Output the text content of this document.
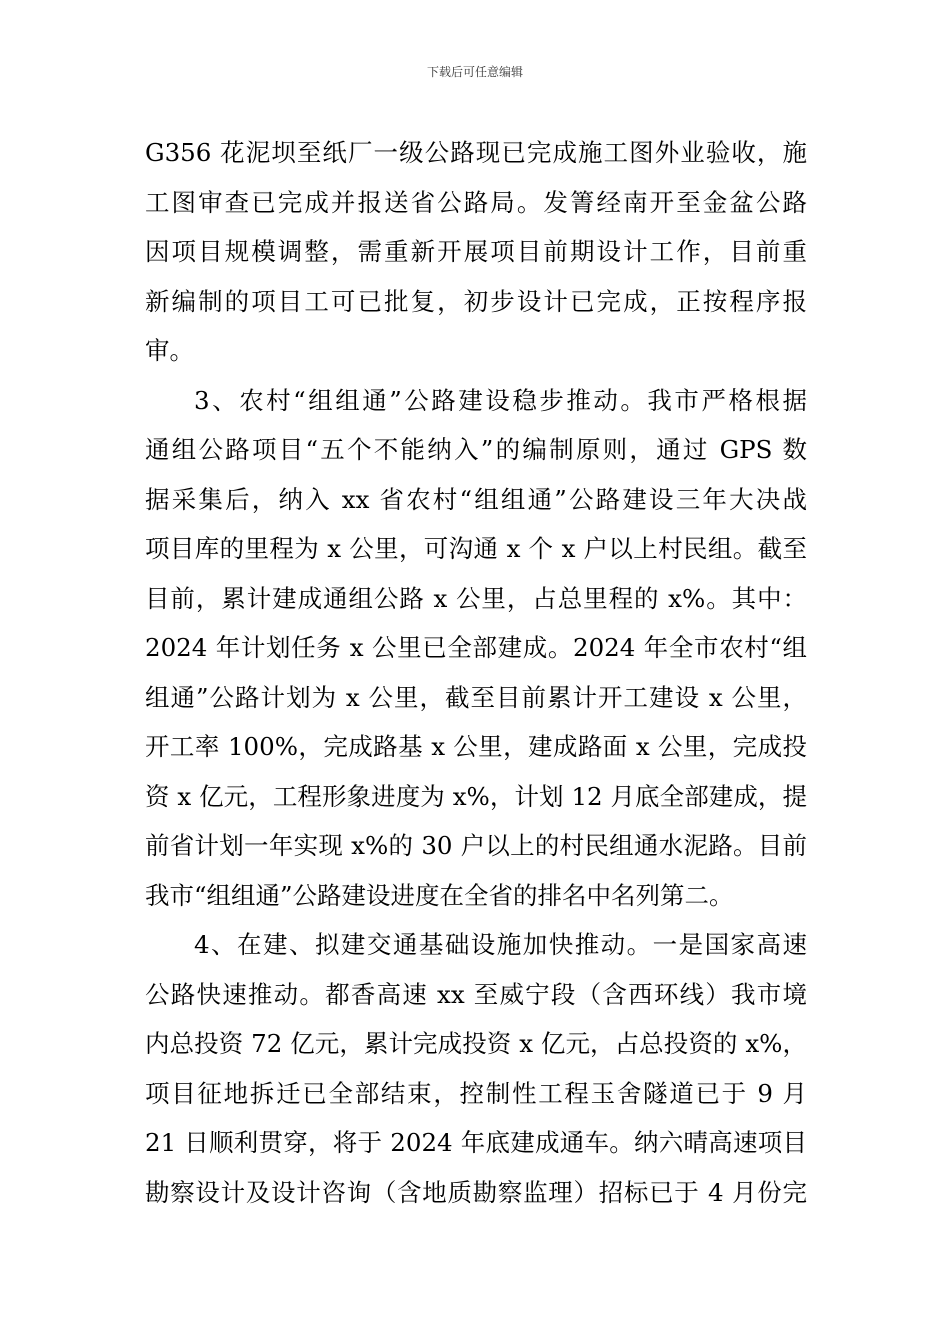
下载后可任意编辑
G356 花泥坝至纸厂一级公路现已完成施工图外业验收，施
工图审查已完成并报送省公路局。发箐经南开至金盆公路
因项目规模调整，需重新开展项目前期设计工作，目前重
新编制的项目工可已批复，初步设计已完成，正按程序报
审。
3、农村“组组通”公路建设稳步推动。我市严格根据
通组公路项目“五个不能纳入”的编制原则，通过 GPS 数
据采集后，纳入 xx 省农村“组组通”公路建设三年大决战
项目库的里程为 x 公里，可沟通 x 个 x 户以上村民组。截至
目前，累计建成通组公路 x 公里，占总里程的 x%。其中：
2024 年计划任务 x 公里已全部建成。2024 年全市农村“组
组通”公路计划为 x 公里，截至目前累计开工建设 x 公里，
开工率 100%，完成路基 x 公里，建成路面 x 公里，完成投
资 x 亿元，工程形象进度为 x%，计划 12 月底全部建成，提
前省计划一年实现 x%的 30 户以上的村民组通水泥路。目前
我市“组组通”公路建设进度在全省的排名中名列第二。
4、在建、拟建交通基础设施加快推动。一是国家高速
公路快速推动。都香高速 xx 至威宁段（含西环线）我市境
内总投资 72 亿元，累计完成投资 x 亿元，占总投资的 x%，
项目征地拆迁已全部结束，控制性工程玉舍隧道已于 9 月
21 日顺利贯穿，将于 2024 年底建成通车。纳六晴高速项目
勘察设计及设计咨询（含地质勘察监理）招标已于 4 月份完
